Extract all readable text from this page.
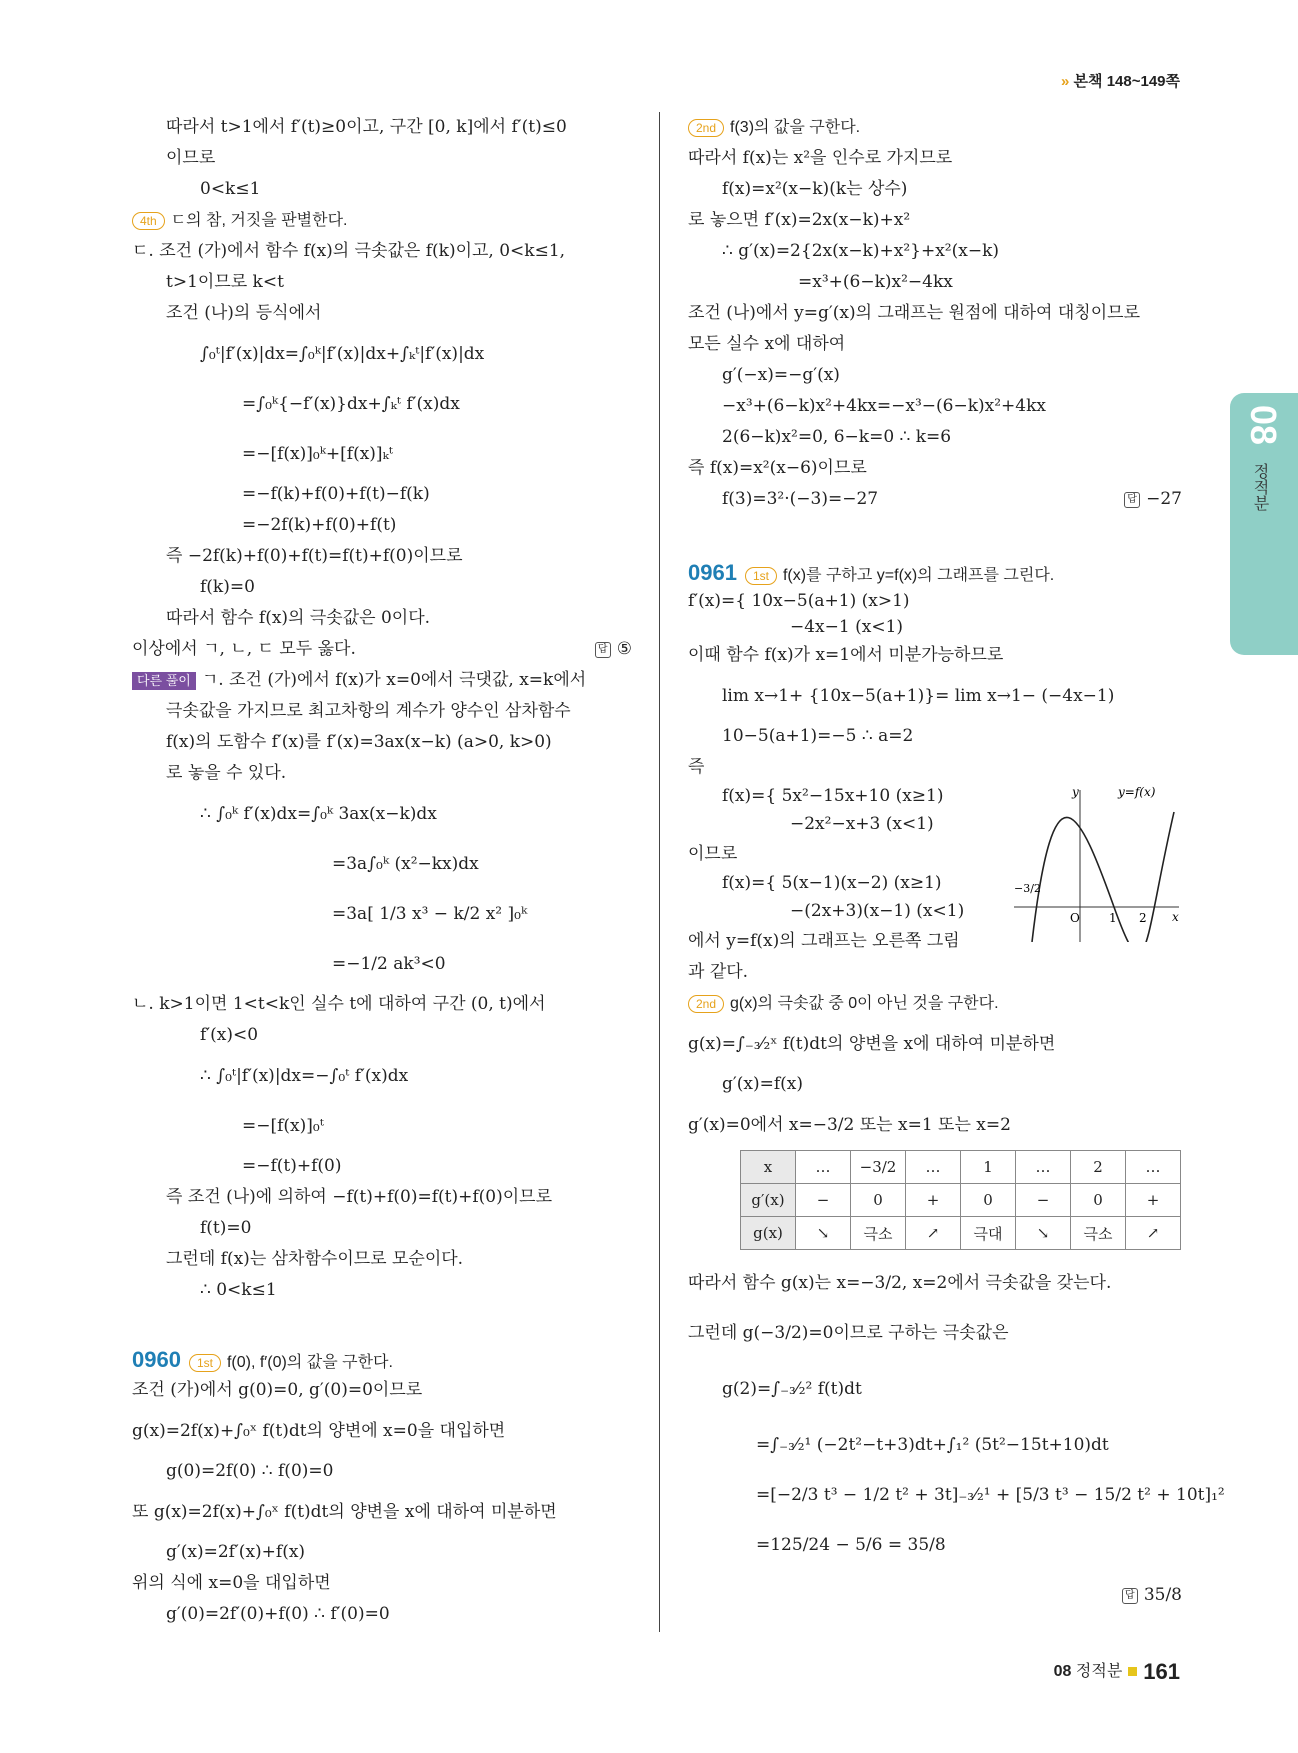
» 본책 148~149쪽
08
정적분
따라서 t>1에서 f′(t)≥0이고, 구간 [0, k]에서 f′(t)≤0
이므로
0<k≤1
4th ㄷ의 참, 거짓을 판별한다.
ㄷ. 조건 (가)에서 함수 f(x)의 극솟값은 f(k)이고, 0<k≤1,
t>1이므로 k<t
조건 (나)의 등식에서
∫₀ᵗ|f′(x)|dx=∫₀ᵏ|f′(x)|dx+∫ₖᵗ|f′(x)|dx
=∫₀ᵏ{−f′(x)}dx+∫ₖᵗ f′(x)dx
=−[f(x)]₀ᵏ+[f(x)]ₖᵗ
=−f(k)+f(0)+f(t)−f(k)
=−2f(k)+f(0)+f(t)
즉 −2f(k)+f(0)+f(t)=f(t)+f(0)이므로
f(k)=0
따라서 함수 f(x)의 극솟값은 0이다.
이상에서 ㄱ, ㄴ, ㄷ 모두 옳다.	답 ⑤
다른 풀이 ㄱ. 조건 (가)에서 f(x)가 x=0에서 극댓값, x=k에서
극솟값을 가지므로 최고차항의 계수가 양수인 삼차함수
f(x)의 도함수 f′(x)를 f′(x)=3ax(x−k) (a>0, k>0)
로 놓을 수 있다.
∴ ∫₀ᵏ f′(x)dx=∫₀ᵏ 3ax(x−k)dx
=3a∫₀ᵏ (x²−kx)dx
=3a[ 1/3 x³ − k/2 x² ]₀ᵏ
=−1/2 ak³<0
ㄴ. k>1이면 1<t<k인 실수 t에 대하여 구간 (0, t)에서
f′(x)<0
∴ ∫₀ᵗ|f′(x)|dx=−∫₀ᵗ f′(x)dx
=−[f(x)]₀ᵗ
=−f(t)+f(0)
즉 조건 (나)에 의하여 −f(t)+f(0)=f(t)+f(0)이므로
f(t)=0
그런데 f(x)는 삼차함수이므로 모순이다.
∴ 0<k≤1
0960 1st f(0), f′(0)의 값을 구한다.
조건 (가)에서 g(0)=0, g′(0)=0이므로
g(x)=2f(x)+∫₀ˣ f(t)dt의 양변에 x=0을 대입하면
g(0)=2f(0) ∴ f(0)=0
또 g(x)=2f(x)+∫₀ˣ f(t)dt의 양변을 x에 대하여 미분하면
g′(x)=2f′(x)+f(x)
위의 식에 x=0을 대입하면
g′(0)=2f′(0)+f(0) ∴ f′(0)=0
2nd f(3)의 값을 구한다.
따라서 f(x)는 x²을 인수로 가지므로
f(x)=x²(x−k)(k는 상수)
로 놓으면 f′(x)=2x(x−k)+x²
∴ g′(x)=2{2x(x−k)+x²}+x²(x−k)
=x³+(6−k)x²−4kx
조건 (나)에서 y=g′(x)의 그래프는 원점에 대하여 대칭이므로
모든 실수 x에 대하여
g′(−x)=−g′(x)
−x³+(6−k)x²+4kx=−x³−(6−k)x²+4kx
2(6−k)x²=0, 6−k=0 ∴ k=6
즉 f(x)=x²(x−6)이므로
f(3)=3²·(−3)=−27	답 −27
0961 1st f(x)를 구하고 y=f(x)의 그래프를 그린다.
f′(x)={ 10x−5(a+1) (x>1)
−4x−1 (x<1)
이때 함수 f(x)가 x=1에서 미분가능하므로
lim x→1+ {10x−5(a+1)}= lim x→1− (−4x−1)
10−5(a+1)=−5 ∴ a=2
즉
f(x)={ 5x²−15x+10 (x≥1)
−2x²−x+3 (x<1)
이므로
f(x)={ 5(x−1)(x−2) (x≥1)
−(2x+3)(x−1) (x<1)
에서 y=f(x)의 그래프는 오른쪽 그림
과 같다.
y	y=f(x)
−3/2
O 1 2 x
2nd g(x)의 극솟값 중 0이 아닌 것을 구한다.
g(x)=∫₋₃⁄₂ˣ f(t)dt의 양변을 x에 대하여 미분하면
g′(x)=f(x)
g′(x)=0에서 x=−3/2 또는 x=1 또는 x=2
x	…	−3/2	…	1	…	2	…
g′(x)	−	0	+	0	−	0	+
g(x)	↘	극소	↗	극대	↘	극소	↗
따라서 함수 g(x)는 x=−3/2, x=2에서 극솟값을 갖는다.
그런데 g(−3/2)=0이므로 구하는 극솟값은
g(2)=∫₋₃⁄₂² f(t)dt
=∫₋₃⁄₂¹ (−2t²−t+3)dt+∫₁² (5t²−15t+10)dt
=[−2/3 t³ − 1/2 t² + 3t]₋₃⁄₂¹ + [5/3 t³ − 15/2 t² + 10t]₁²
=125/24 − 5/6 = 35/8
답 35/8
08 정적분 161
